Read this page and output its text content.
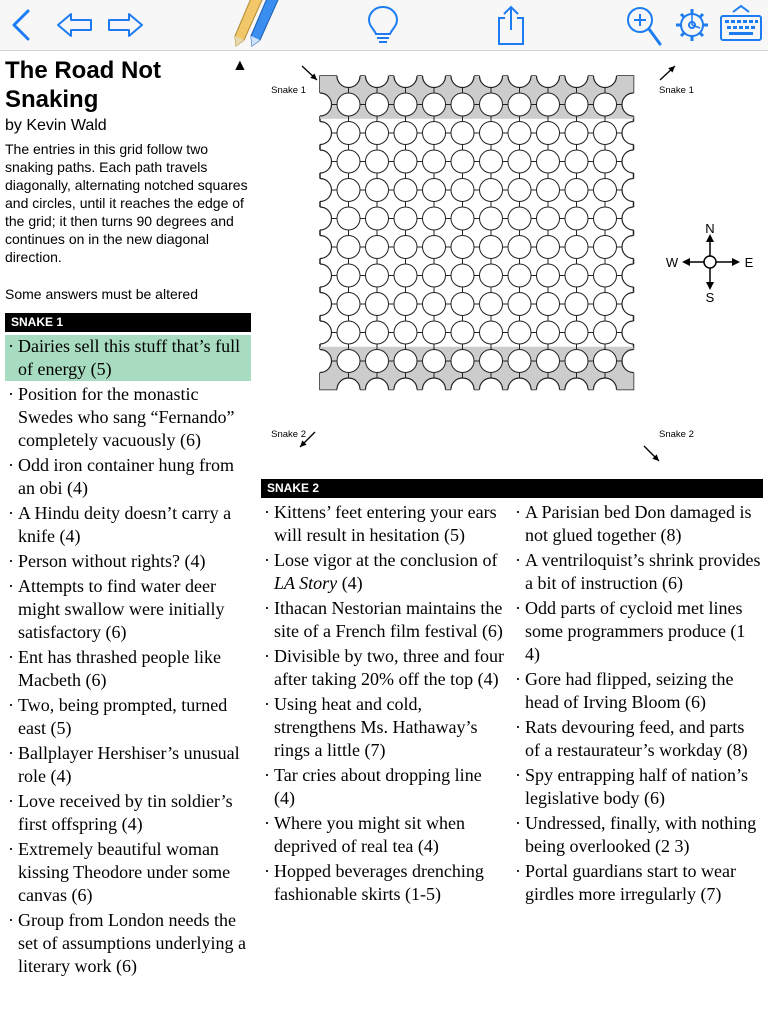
The Road Not Snaking
▲
by Kevin Wald

The entries in this grid follow two snaking paths. Each path travels diagonally, alternating notched squares and circles, until it reaches the edge of the grid; it then turns 90 degrees and continues on in the new diagonal direction.

Some answers must be altered

SNAKE 1
· Dairies sell this stuff that’s full of energy (5)
· Position for the monastic Swedes who sang “Fernando” completely vacuously (6)
· Odd iron container hung from an obi (4)
· A Hindu deity doesn’t carry a knife (4)
· Person without rights? (4)
· Attempts to find water deer might swallow were initially satisfactory (6)
· Ent has thrashed people like Macbeth (6)
· Two, being prompted, turned east (5)
· Ballplayer Hershiser’s unusual role (4)
· Love received by tin soldier’s first offspring (4)
· Extremely beautiful woman kissing Theodore under some canvas (6)
· Group from London needs the set of assumptions underlying a literary work (6)
Snake 1	Snake 1
Snake 2	Snake 2
N
S
W	E
SNAKE 2
· Kittens’ feet entering your ears will result in hesitation (5)
· Lose vigor at the conclusion of LA Story (4)
· Ithacan Nestorian maintains the site of a French film festival (6)
· Divisible by two, three and four after taking 20% off the top (4)
· Using heat and cold, strengthens Ms. Hathaway’s rings a little (7)
· Tar cries about dropping line (4)
· Where you might sit when deprived of real tea (4)
· Hopped beverages drenching fashionable skirts (1-5)
· A Parisian bed Don damaged is not glued together (8)
· A ventriloquist’s shrink provides a bit of instruction (6)
· Odd parts of cycloid met lines some programmers produce (1 4)
· Gore had flipped, seizing the head of Irving Bloom (6)
· Rats devouring feed, and parts of a restaurateur’s workday (8)
· Spy entrapping half of nation’s legislative body (6)
· Undressed, finally, with nothing being overlooked (2 3)
· Portal guardians start to wear girdles more irregularly (7)
